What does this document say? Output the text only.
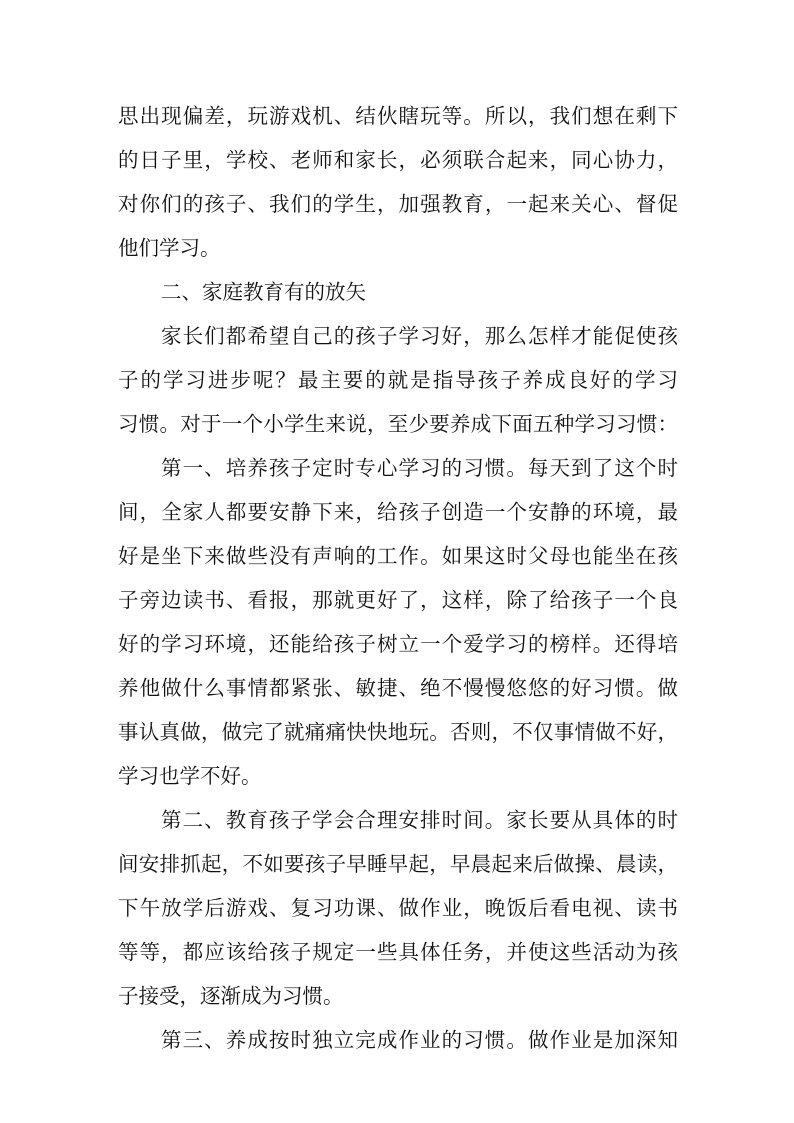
思出现偏差，玩游戏机、结伙瞎玩等。所以，我们想在剩下
的日子里，学校、老师和家长，必须联合起来，同心协力，
对你们的孩子、我们的学生，加强教育，一起来关心、督促
他们学习。
二、家庭教育有的放矢
家长们都希望自己的孩子学习好，那么怎样才能促使孩
子的学习进步呢？最主要的就是指导孩子养成良好的学习
习惯。对于一个小学生来说，至少要养成下面五种学习习惯：
第一、培养孩子定时专心学习的习惯。每天到了这个时
间，全家人都要安静下来，给孩子创造一个安静的环境，最
好是坐下来做些没有声响的工作。如果这时父母也能坐在孩
子旁边读书、看报，那就更好了，这样，除了给孩子一个良
好的学习环境，还能给孩子树立一个爱学习的榜样。还得培
养他做什么事情都紧张、敏捷、绝不慢慢悠悠的好习惯。做
事认真做，做完了就痛痛快快地玩。否则，不仅事情做不好，
学习也学不好。
第二、教育孩子学会合理安排时间。家长要从具体的时
间安排抓起，不如要孩子早睡早起，早晨起来后做操、晨读，
下午放学后游戏、复习功课、做作业，晚饭后看电视、读书
等等，都应该给孩子规定一些具体任务，并使这些活动为孩
子接受，逐渐成为习惯。
第三、养成按时独立完成作业的习惯。做作业是加深知
